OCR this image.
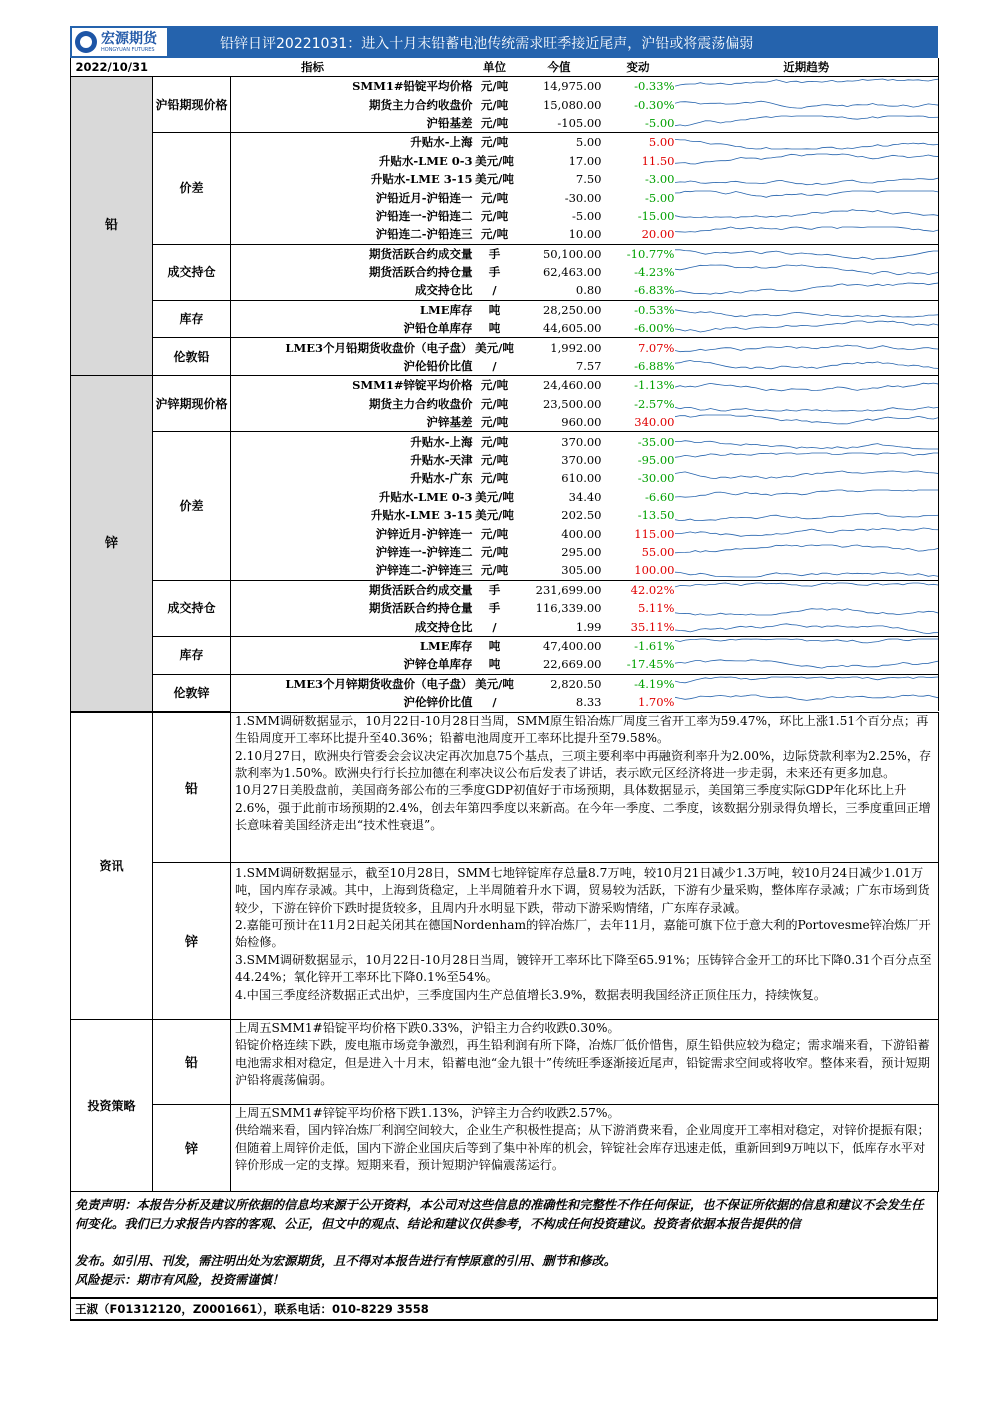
宏源期货
HONGYUAN FUTURES	铅锌日评20221031：进入十月末铅蓄电池传统需求旺季接近尾声，沪铅或将震荡偏弱
2022/10/31	指标		单位	今值	变动	近期趋势
铅	沪铅期现价格	SMM1#铅锭平均价格	元/吨	14,975.00	-0.33%	

		期货主力合约收盘价	元/吨	15,080.00	-0.30%	

		沪铅基差	元/吨	-105.00	-5.00	

	价差	升贴水-上海	元/吨	5.00	5.00	

		升贴水-LME 0-3	美元/吨	17.00	11.50	

		升贴水-LME 3-15	美元/吨	7.50	-3.00	

		沪铅近月-沪铅连一	元/吨	-30.00	-5.00	

		沪铅连一-沪铅连二	元/吨	-5.00	-15.00	

		沪铅连二-沪铅连三	元/吨	10.00	20.00	

	成交持仓	期货活跃合约成交量	手	50,100.00	-10.77%	

		期货活跃合约持仓量	手	62,463.00	-4.23%	

		成交持仓比	/	0.80	-6.83%	

	库存	LME库存	吨	28,250.00	-0.53%	

		沪铅仓单库存	吨	44,605.00	-6.00%	

	伦敦铅	LME3个月铅期货收盘价（电子盘）	美元/吨	1,992.00	7.07%	

		沪伦铅价比值	/	7.57	-6.88%	

锌	沪锌期现价格	SMM1#锌锭平均价格	元/吨	24,460.00	-1.13%	

		期货主力合约收盘价	元/吨	23,500.00	-2.57%	

		沪锌基差	元/吨	960.00	340.00	

	价差	升贴水-上海	元/吨	370.00	-35.00	

		升贴水-天津	元/吨	370.00	-95.00	

		升贴水-广东	元/吨	610.00	-30.00	

		升贴水-LME 0-3	美元/吨	34.40	-6.60	

		升贴水-LME 3-15	美元/吨	202.50	-13.50	

		沪锌近月-沪锌连一	元/吨	400.00	115.00	

		沪锌连一-沪锌连二	元/吨	295.00	55.00	

		沪锌连二-沪锌连三	元/吨	305.00	100.00	

	成交持仓	期货活跃合约成交量	手	231,699.00	42.02%	

		期货活跃合约持仓量	手	116,339.00	5.11%	

		成交持仓比	/	1.99	35.11%	

	库存	LME库存	吨	47,400.00	-1.61%	

		沪锌仓单库存	吨	22,669.00	-17.45%	

	伦敦锌	LME3个月锌期货收盘价（电子盘）	美元/吨	2,820.50	-4.19%	

		沪伦锌价比值	/	8.33	1.70%	
资讯	铅	1.SMM调研数据显示，10月22日-10月28日当周，SMM原生铅冶炼厂周度三省开工率为59.47%，环比上涨1.51个百分点；再生铅周度开工率环比提升至40.36%；铅蓄电池周度开工率环比提升至79.58%。

2.10月27日，欧洲央行管委会会议决定再次加息75个基点，三项主要利率中再融资利率升为2.00%，边际贷款利率为2.25%，存款利率为1.50%。欧洲央行行长拉加德在利率决议公布后发表了讲话，表示欧元区经济将进一步走弱，未来还有更多加息。

10月27日美股盘前，美国商务部公布的三季度GDP初值好于市场预期，具体数据显示，美国第三季度实际GDP年化环比上升2.6%，强于此前市场预期的2.4%，创去年第四季度以来新高。在今年一季度、二季度，该数据分别录得负增长，三季度重回正增长意味着美国经济走出“技术性衰退”。

	锌	1.SMM调研数据显示，截至10月28日，SMM七地锌锭库存总量8.7万吨，较10月21日减少1.3万吨，较10月24日减少1.01万吨，国内库存录减。其中，上海到货稳定，上半周随着升水下调，贸易较为活跃，下游有少量采购，整体库存录减；广东市场到货较少，下游在锌价下跌时提货较多，且周内升水明显下跌，带动下游采购情绪，广东库存录减。

2.嘉能可预计在11月2日起关闭其在德国Nordenham的锌冶炼厂，去年11月，嘉能可旗下位于意大利的Portovesme锌冶炼厂开始检修。

3.SMM调研数据显示，10月22日-10月28日当周，镀锌开工率环比下降至65.91%；压铸锌合金开工的环比下降0.31个百分点至44.24%；氧化锌开工率环比下降0.1%至54%。

4.中国三季度经济数据正式出炉，三季度国内生产总值增长3.9%，数据表明我国经济正顶住压力，持续恢复。

投资策略	铅	上周五SMM1#铅锭平均价格下跌0.33%，沪铅主力合约收跌0.30%。

铅锭价格连续下跌，废电瓶市场竞争激烈，再生铅利润有所下降，冶炼厂低价惜售，原生铅供应较为稳定；需求端来看，下游铅蓄电池需求相对稳定，但是进入十月末，铅蓄电池“金九银十”传统旺季逐渐接近尾声，铅锭需求空间或将收窄。整体来看，预计短期沪铅将震荡偏弱。

	锌	上周五SMM1#锌锭平均价格下跌1.13%，沪锌主力合约收跌2.57%。

供给端来看，国内锌冶炼厂利润空间较大，企业生产积极性提高；从下游消费来看，企业周度开工率相对稳定，对锌价提振有限；但随着上周锌价走低，国内下游企业国庆后等到了集中补库的机会，锌锭社会库存迅速走低，重新回到9万吨以下，低库存水平对锌价形成一定的支撑。短期来看，预计短期沪锌偏震荡运行。

免责声明：本报告分析及建议所依据的信息均来源于公开资料，本公司对这些信息的准确性和完整性不作任何保证，也不保证所依据的信息和建议不会发生任何变化。我们已力求报告内容的客观、公正，但文中的观点、结论和建议仅供参考，不构成任何投资建议。投资者依据本报告提供的信

发布。如引用、刊发，需注明出处为宏源期货，且不得对本报告进行有悖原意的引用、删节和修改。

风险提示：期市有风险，投资需谨慎！

王淑（F01312120，Z0001661），联系电话：010-8229 3558
